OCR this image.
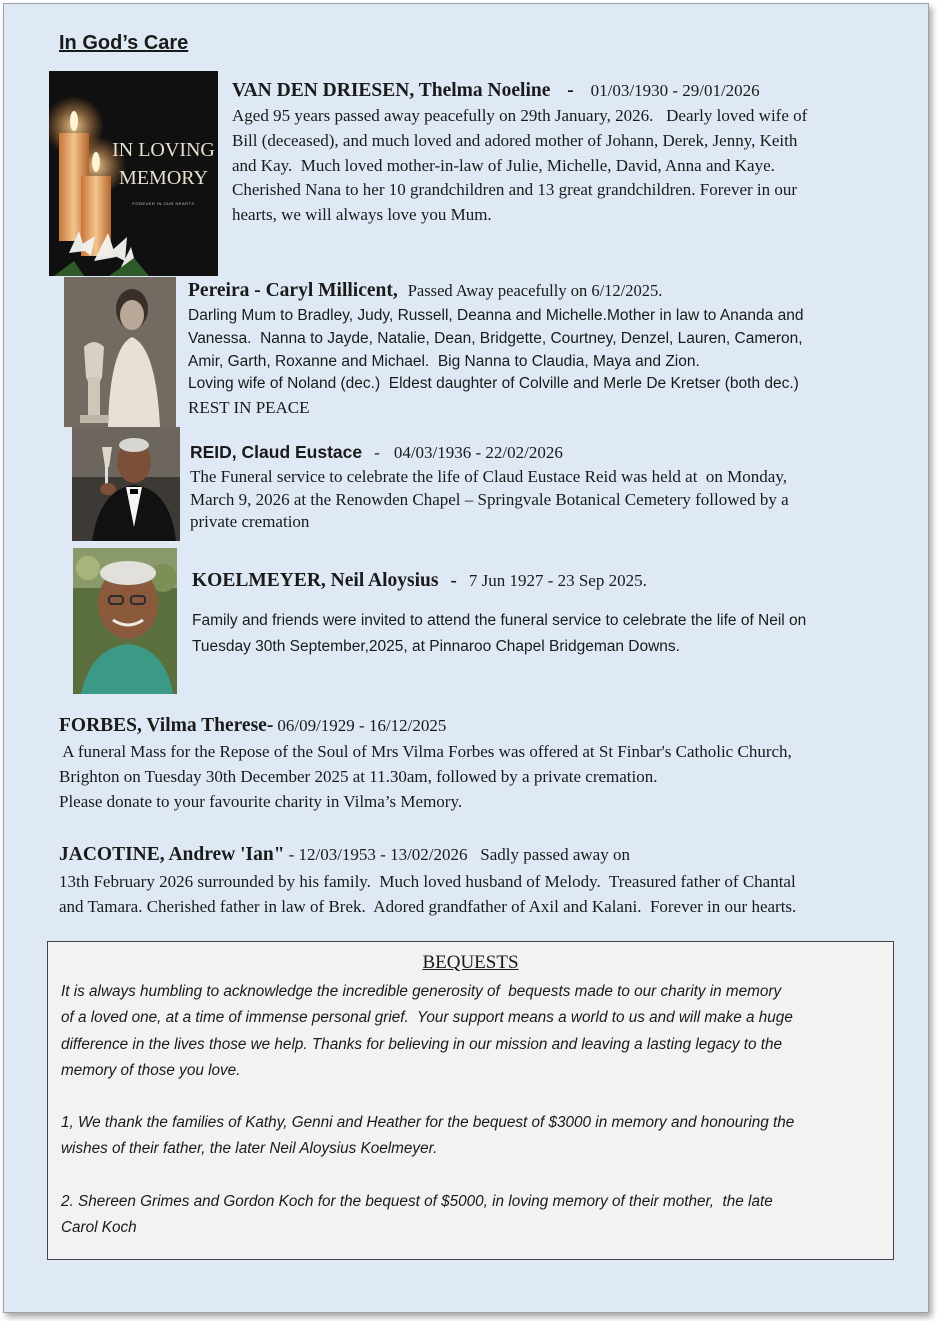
In God’s Care
IN LOVING
MEMORY
FOREVER IN OUR HEARTS
VAN DEN DRIESEN, Thelma Noeline - 01/03/1930 - 29/01/2026

Aged 95 years passed away peacefully on 29th January, 2026.   Dearly loved wife of

Bill (deceased), and much loved and adored mother of Johann, Derek, Jenny, Keith

and Kay.  Much loved mother-in-law of Julie, Michelle, David, Anna and Kaye.

Cherished Nana to her 10 grandchildren and 13 great grandchildren. Forever in our

hearts, we will always love you Mum.

Pereira - Caryl Millicent, Passed Away peacefully on 6/12/2025.

Darling Mum to Bradley, Judy, Russell, Deanna and Michelle.Mother in law to Ananda and

Vanessa.  Nanna to Jayde, Natalie, Dean, Bridgette, Courtney, Denzel, Lauren, Cameron,

Amir, Garth, Roxanne and Michael.  Big Nanna to Claudia, Maya and Zion.

Loving wife of Noland (dec.)  Eldest daughter of Colville and Merle De Kretser (both dec.)

REST IN PEACE

REID, Claud Eustace - 04/03/1936 - 22/02/2026

The Funeral service to celebrate the life of Claud Eustace Reid was held at  on Monday,

March 9, 2026 at the Renowden Chapel – Springvale Botanical Cemetery followed by a

private cremation

KOELMEYER, Neil Aloysius - 7 Jun 1927 - 23 Sep 2025.

Family and friends were invited to attend the funeral service to celebrate the life of Neil on

Tuesday 30th September,2025, at Pinnaroo Chapel Bridgeman Downs.

FORBES, Vilma Therese- 06/09/1929 - 16/12/2025

A funeral Mass for the Repose of the Soul of Mrs Vilma Forbes was offered at St Finbar's Catholic Church,

Brighton on Tuesday 30th December 2025 at 11.30am, followed by a private cremation.

Please donate to your favourite charity in Vilma’s Memory.

JACOTINE, Andrew 'Ian" - 12/03/1953 - 13/02/2026   Sadly passed away on

13th February 2026 surrounded by his family.  Much loved husband of Melody.  Treasured father of Chantal

and Tamara. Cherished father in law of Brek.  Adored grandfather of Axil and Kalani.  Forever in our hearts.

BEQUESTS

It is always humbling to acknowledge the incredible generosity of  bequests made to our charity in memory

of a loved one, at a time of immense personal grief.  Your support means a world to us and will make a huge

difference in the lives those we help. Thanks for believing in our mission and leaving a lasting legacy to the

memory of those you love.

1, We thank the families of Kathy, Genni and Heather for the bequest of $3000 in memory and honouring the

wishes of their father, the later Neil Aloysius Koelmeyer.

2. Shereen Grimes and Gordon Koch for the bequest of $5000, in loving memory of their mother,  the late

Carol Koch
